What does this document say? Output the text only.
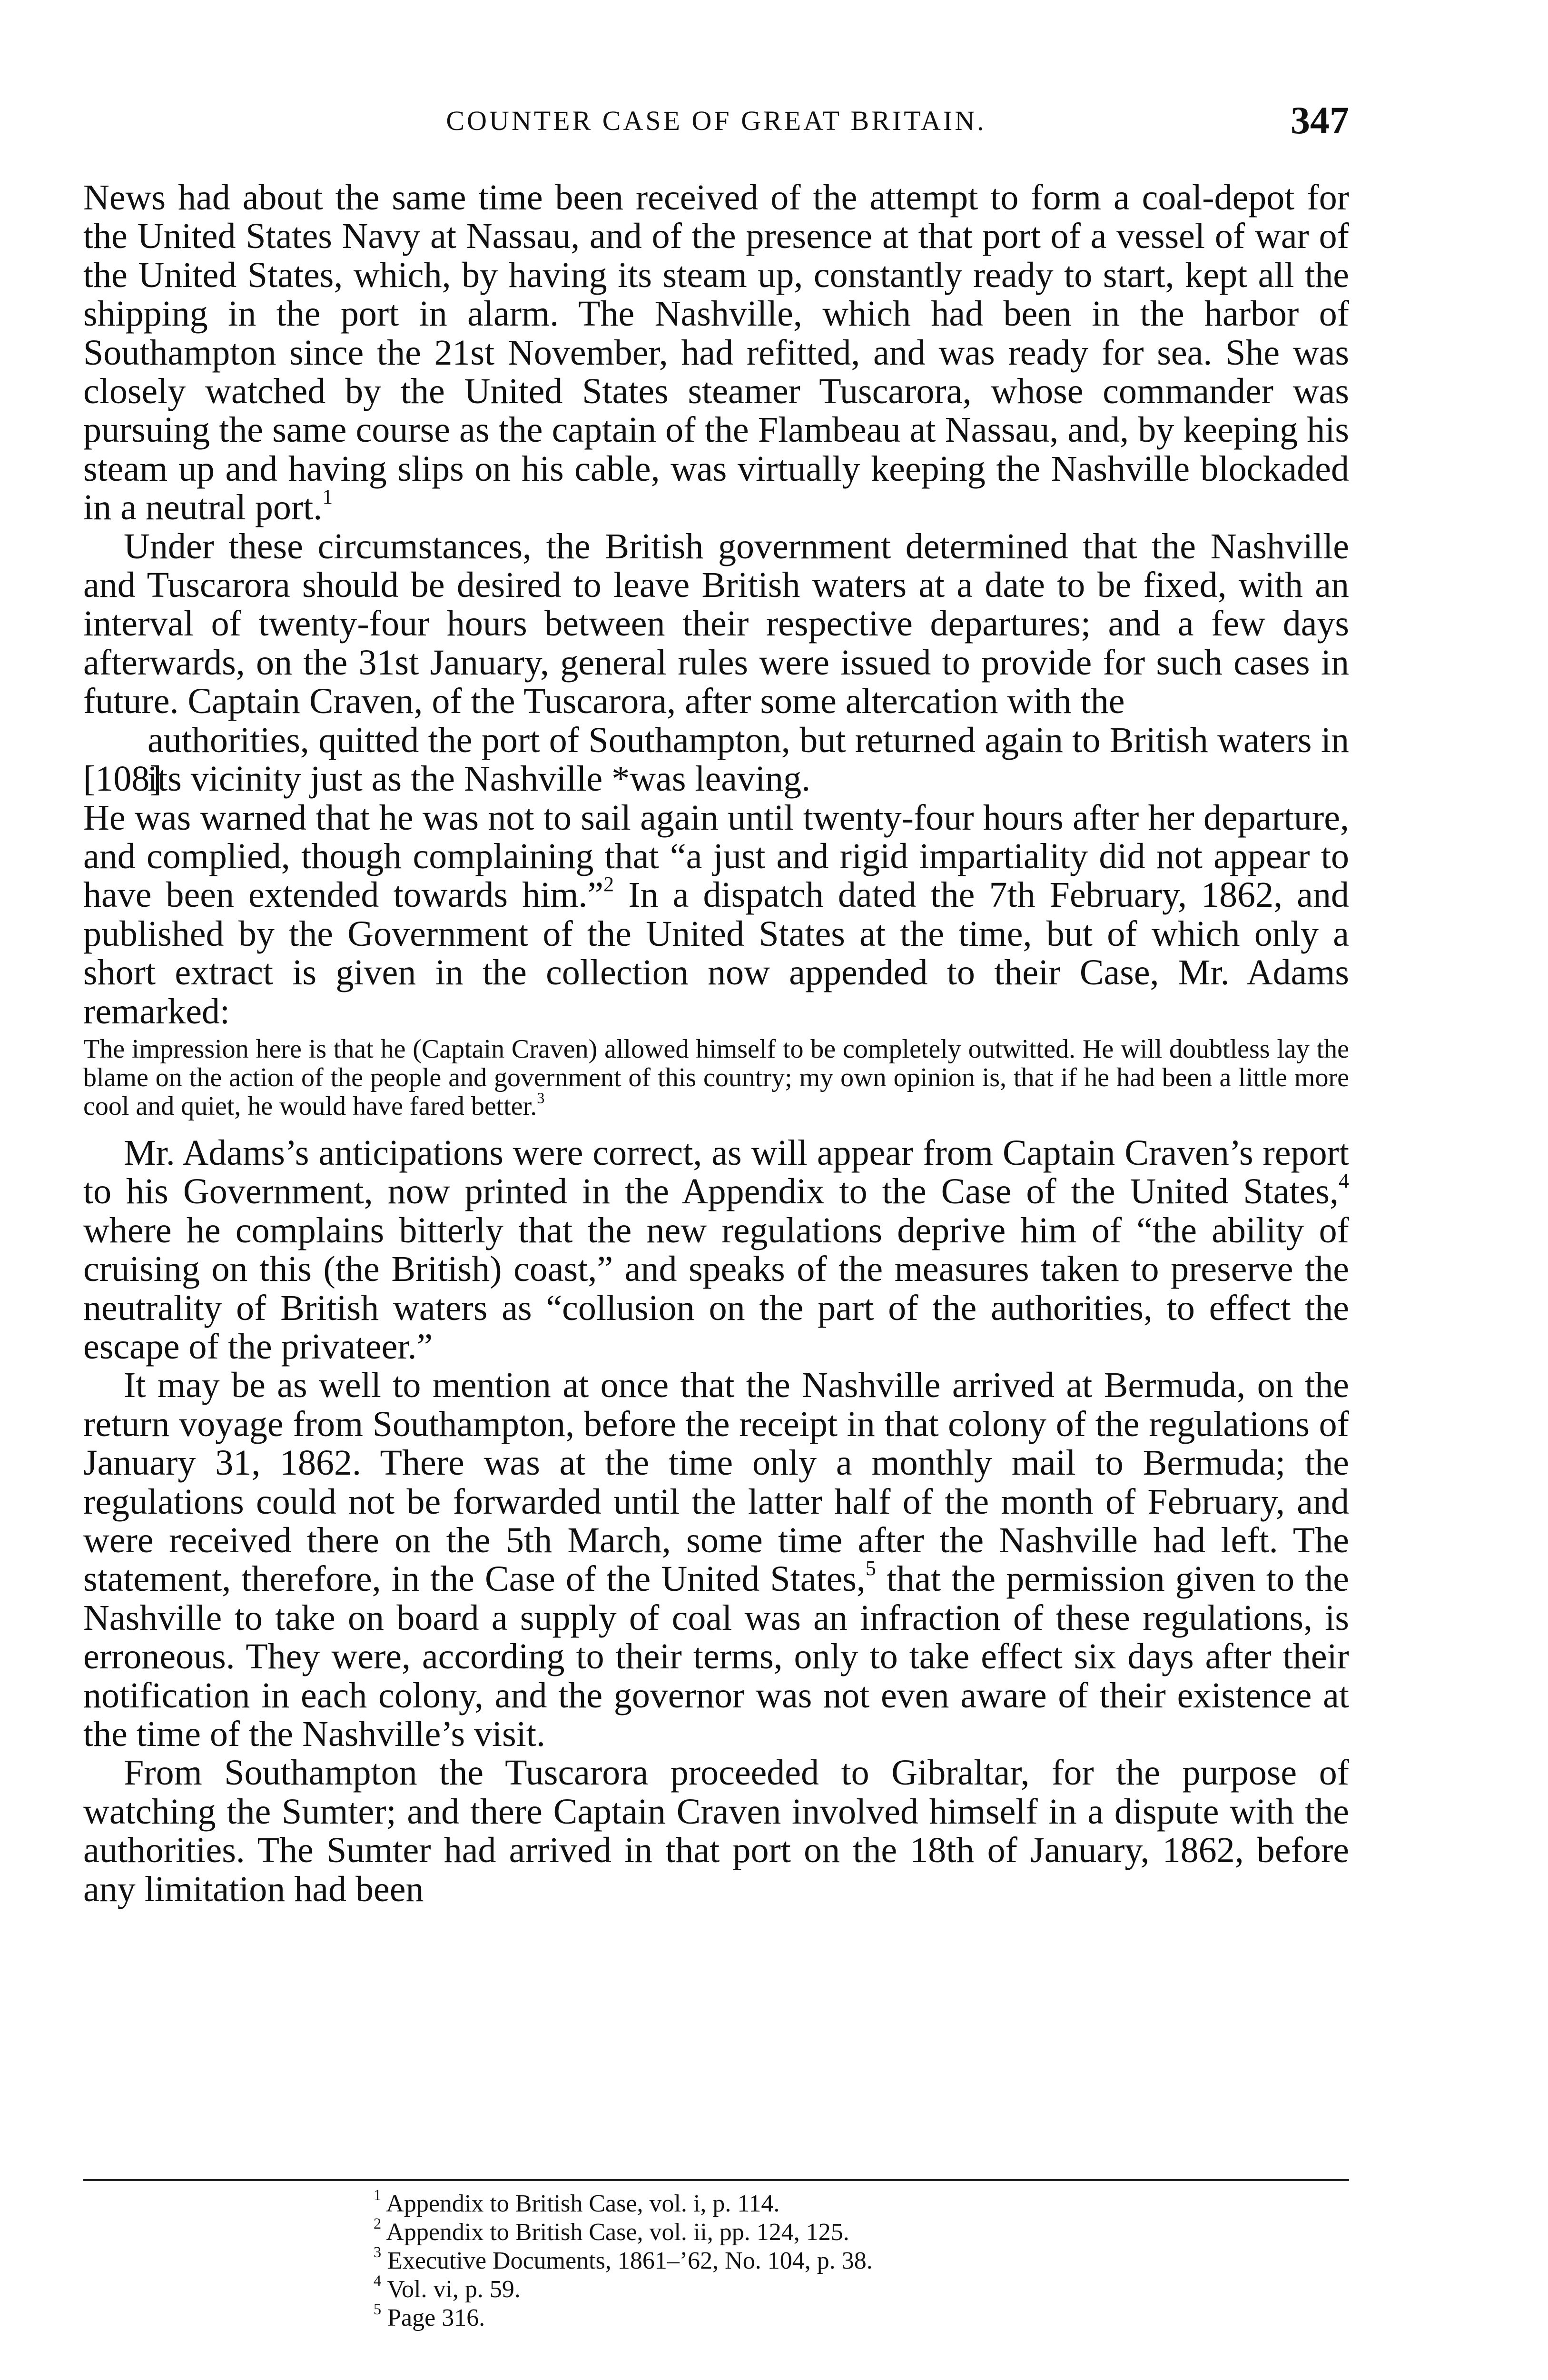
COUNTER CASE OF GREAT BRITAIN.	347

News had about the same time been received of the attempt to form a coal-depot for the United States Navy at Nassau, and of the presence at that port of a vessel of war of the United States, which, by having its steam up, constantly ready to start, kept all the shipping in the port in alarm. The Nashville, which had been in the harbor of Southampton since the 21st November, had refitted, and was ready for sea. She was closely watched by the United States steamer Tuscarora, whose commander was pursuing the same course as the captain of the Flambeau at Nassau, and, by keeping his steam up and having slips on his cable, was virtually keeping the Nashville blockaded in a neutral port.$^1$

Under these circumstances, the British government determined that the Nashville and Tuscarora should be desired to leave British waters at a date to be fixed, with an interval of twenty-four hours between their respective departures; and a few days afterwards, on the 31st January, general rules were issued to provide for such cases in future. Captain Craven, of the Tuscarora, after some altercation with the

[108]

authorities, quitted the port of Southampton, but returned again to British waters in its vicinity just as the Nashville *was leaving.

He was warned that he was not to sail again until twenty-four hours after her departure, and complied, though complaining that “a just and rigid impartiality did not appear to have been extended towards him.”$^2$ In a dispatch dated the 7th February, 1862, and published by the Government of the United States at the time, but of which only a short extract is given in the collection now appended to their Case, Mr. Adams remarked:

The impression here is that he (Captain Craven) allowed himself to be completely outwitted. He will doubtless lay the blame on the action of the people and government of this country; my own opinion is, that if he had been a little more cool and quiet, he would have fared better.$^3$

Mr. Adams’s anticipations were correct, as will appear from Captain Craven’s report to his Government, now printed in the Appendix to the Case of the United States,$^4$ where he complains bitterly that the new regulations deprive him of “the ability of cruising on this (the British) coast,” and speaks of the measures taken to preserve the neutrality of British waters as “collusion on the part of the authorities, to effect the escape of the privateer.”

It may be as well to mention at once that the Nashville arrived at Bermuda, on the return voyage from Southampton, before the receipt in that colony of the regulations of January 31, 1862. There was at the time only a monthly mail to Bermuda; the regulations could not be forwarded until the latter half of the month of February, and were received there on the 5th March, some time after the Nashville had left. The statement, therefore, in the Case of the United States,$^5$ that the permission given to the Nashville to take on board a supply of coal was an infraction of these regulations, is erroneous. They were, according to their terms, only to take effect six days after their notification in each colony, and the governor was not even aware of their existence at the time of the Nashville’s visit.

From Southampton the Tuscarora proceeded to Gibraltar, for the purpose of watching the Sumter; and there Captain Craven involved himself in a dispute with the authorities. The Sumter had arrived in that port on the 18th of January, 1862, before any limitation had been

$^1$ Appendix to British Case, vol. i, p. 114.
$^2$ Appendix to British Case, vol. ii, pp. 124, 125.
$^3$ Executive Documents, 1861–’62, No. 104, p. 38.
$^4$ Vol. vi, p. 59.
$^5$ Page 316.
